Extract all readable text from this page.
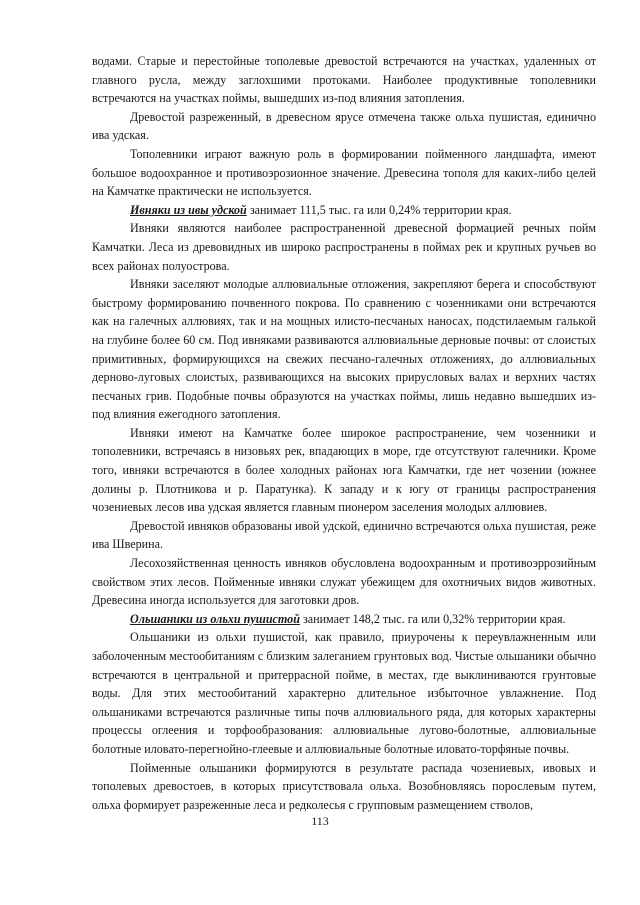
водами. Старые и перестойные тополевые древостой встречаются на участках, удаленных от главного русла, между заглохшими протоками. Наиболее продуктивные тополевники встречаются на участках поймы, вышедших из-под влияния затопления.

Древостой разреженный, в древесном ярусе отмечена также ольха пушистая, единично ива удская.

Тополевники играют важную роль в формировании пойменного ландшафта, имеют большое водоохранное и противоэрозионное значение. Древесина тополя для каких-либо целей на Камчатке практически не используется.

Ивняки из ивы удской занимает 111,5 тыс. га или 0,24% территории края.

Ивняки являются наиболее распространенной древесной формацией речных пойм Камчатки. Леса из древовидных ив широко распространены в поймах рек и крупных ручьев во всех районах полуострова.

Ивняки заселяют молодые аллювиальные отложения, закрепляют берега и способствуют быстрому формированию почвенного покрова. По сравнению с чозенниками они встречаются как на галечных аллювиях, так и на мощных илисто-песчаных наносах, подстилаемым галькой на глубине более 60 см. Под ивняками развиваются аллювиальные дерновые почвы: от слоистых примитивных, формирующихся на свежих песчано-галечных отложениях, до аллювиальных дерново-луговых слоистых, развивающихся на высоких прирусловых валах и верхних частях песчаных грив. Подобные почвы образуются на участках поймы, лишь недавно вышедших из-под влияния ежегодного затопления.

Ивняки имеют на Камчатке более широкое распространение, чем чозенники и тополевники, встречаясь в низовьях рек, впадающих в море, где отсутствуют галечники. Кроме того, ивняки встречаются в более холодных районах юга Камчатки, где нет чозении (южнее долины р. Плотникова и р. Паратунка). К западу и к югу от границы распространения чозениевых лесов ива удская является главным пионером заселения молодых аллювиев.

Древостой ивняков образованы ивой удской, единично встречаются ольха пушистая, реже ива Шверина.

Лесохозяйственная ценность ивняков обусловлена водоохранным и противоэррозийным свойством этих лесов. Пойменные ивняки служат убежищем для охотничьих видов животных. Древесина иногда используется для заготовки дров.

Ольшаники из ольхи пушистой занимает 148,2 тыс. га или 0,32% территории края.

Ольшаники из ольхи пушистой, как правило, приурочены к переувлажненным или заболоченным местообитаниям с близким залеганием грунтовых вод. Чистые ольшаники обычно встречаются в центральной и притеррасной пойме, в местах, где выклиниваются грунтовые воды. Для этих местообитаний характерно длительное избыточное увлажнение. Под ольшаниками встречаются различные типы почв аллювиального ряда, для которых характерны процессы оглеения и торфообразования: аллювиальные лугово-болотные, аллювиальные болотные иловато-перегнойно-глеевые и аллювиальные болотные иловато-торфяные почвы.

Пойменные ольшаники формируются в результате распада чозениевых, ивовых и тополевых древостоев, в которых присутствовала ольха. Возобновляясь порослевым путем, ольха формирует разреженные леса и редколесья с групповым размещением стволов,

113
